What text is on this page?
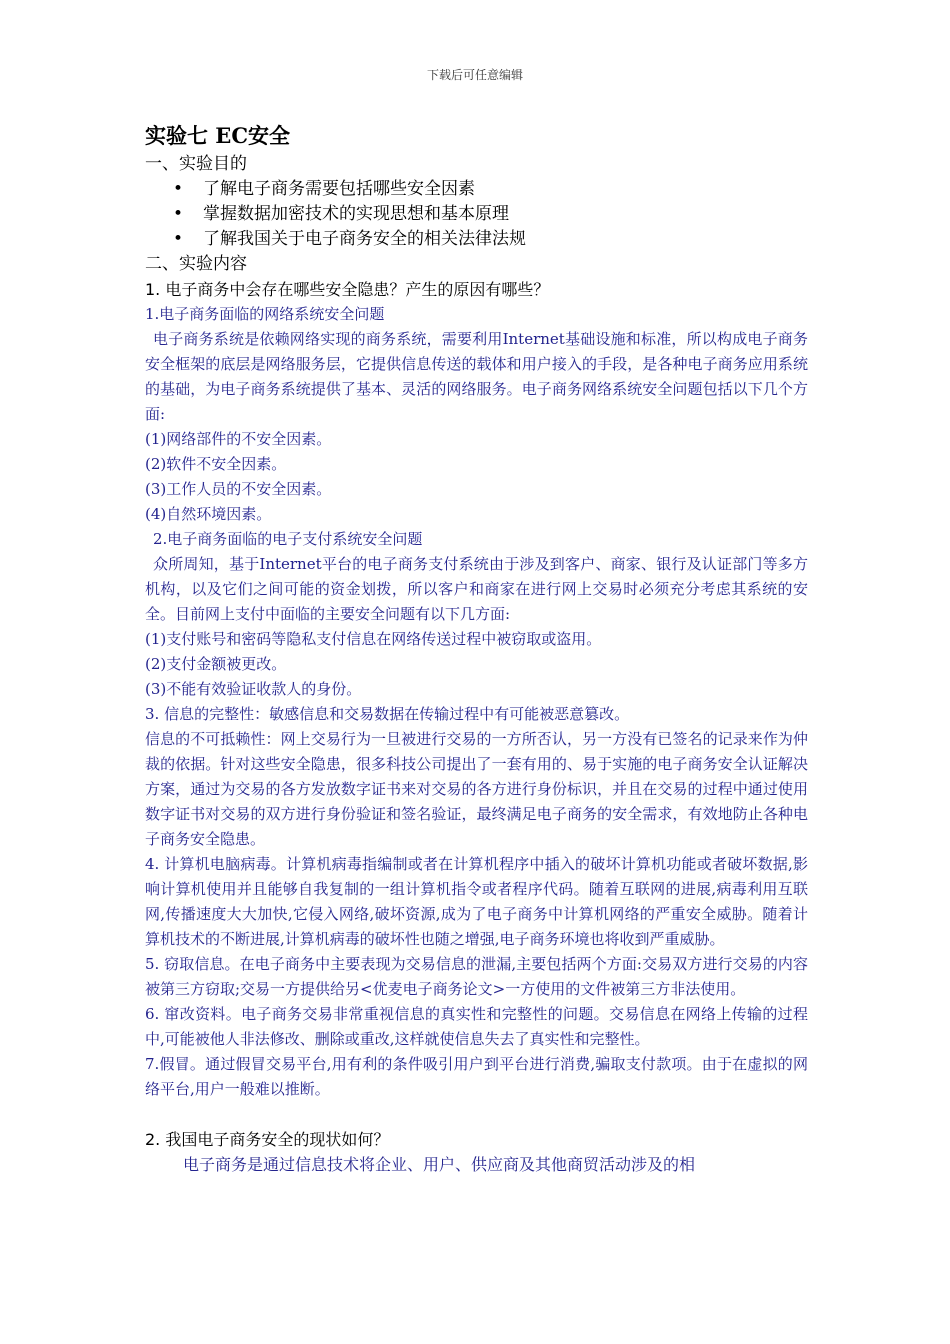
下载后可任意编辑

实验七 EC安全

一、实验目的

•	了解电子商务需要包括哪些安全因素
•	掌握数据加密技术的实现思想和基本原理
•	了解我国关于电子商务安全的相关法律法规

二、实验内容

1. 电子商务中会存在哪些安全隐患？产生的原因有哪些？

1.电子商务面临的网络系统安全问题

电子商务系统是依赖网络实现的商务系统，需要利用Internet基础设施和标准，所以构成电子商务安全框架的底层是网络服务层，它提供信息传送的载体和用户接入的手段，是各种电子商务应用系统的基础，为电子商务系统提供了基本、灵活的网络服务。电子商务网络系统安全问题包括以下几个方面:

(1)网络部件的不安全因素。

(2)软件不安全因素。

(3)工作人员的不安全因素。

(4)自然环境因素。

2.电子商务面临的电子支付系统安全问题

众所周知，基于Internet平台的电子商务支付系统由于涉及到客户、商家、银行及认证部门等多方机构，以及它们之间可能的资金划拨，所以客户和商家在进行网上交易时必须充分考虑其系统的安全。目前网上支付中面临的主要安全问题有以下几方面:

(1)支付账号和密码等隐私支付信息在网络传送过程中被窃取或盗用。

(2)支付金额被更改。

(3)不能有效验证收款人的身份。

3. 信息的完整性：敏感信息和交易数据在传输过程中有可能被恶意篡改。

信息的不可抵赖性：网上交易行为一旦被进行交易的一方所否认，另一方没有已签名的记录来作为仲裁的依据。针对这些安全隐患，很多科技公司提出了一套有用的、易于实施的电子商务安全认证解决方案，通过为交易的各方发放数字证书来对交易的各方进行身份标识，并且在交易的过程中通过使用数字证书对交易的双方进行身份验证和签名验证，最终满足电子商务的安全需求，有效地防止各种电子商务安全隐患。

4. 计算机电脑病毒。计算机病毒指编制或者在计算机程序中插入的破坏计算机功能或者破坏数据,影响计算机使用并且能够自我复制的一组计算机指令或者程序代码。随着互联网的进展,病毒利用互联网,传播速度大大加快,它侵入网络,破坏资源,成为了电子商务中计算机网络的严重安全威胁。随着计算机技术的不断进展,计算机病毒的破坏性也随之增强,电子商务环境也将收到严重威胁。

5. 窃取信息。在电子商务中主要表现为交易信息的泄漏,主要包括两个方面:交易双方进行交易的内容被第三方窃取;交易一方提供给另<优麦电子商务论文>一方使用的文件被第三方非法使用。

6. 窜改资料。电子商务交易非常重视信息的真实性和完整性的问题。交易信息在网络上传输的过程中,可能被他人非法修改、删除或重改,这样就使信息失去了真实性和完整性。

7.假冒。通过假冒交易平台,用有利的条件吸引用户到平台进行消费,骗取支付款项。由于在虚拟的网络平台,用户一般难以推断。

2. 我国电子商务安全的现状如何？

电子商务是通过信息技术将企业、用户、供应商及其他商贸活动涉及的相
